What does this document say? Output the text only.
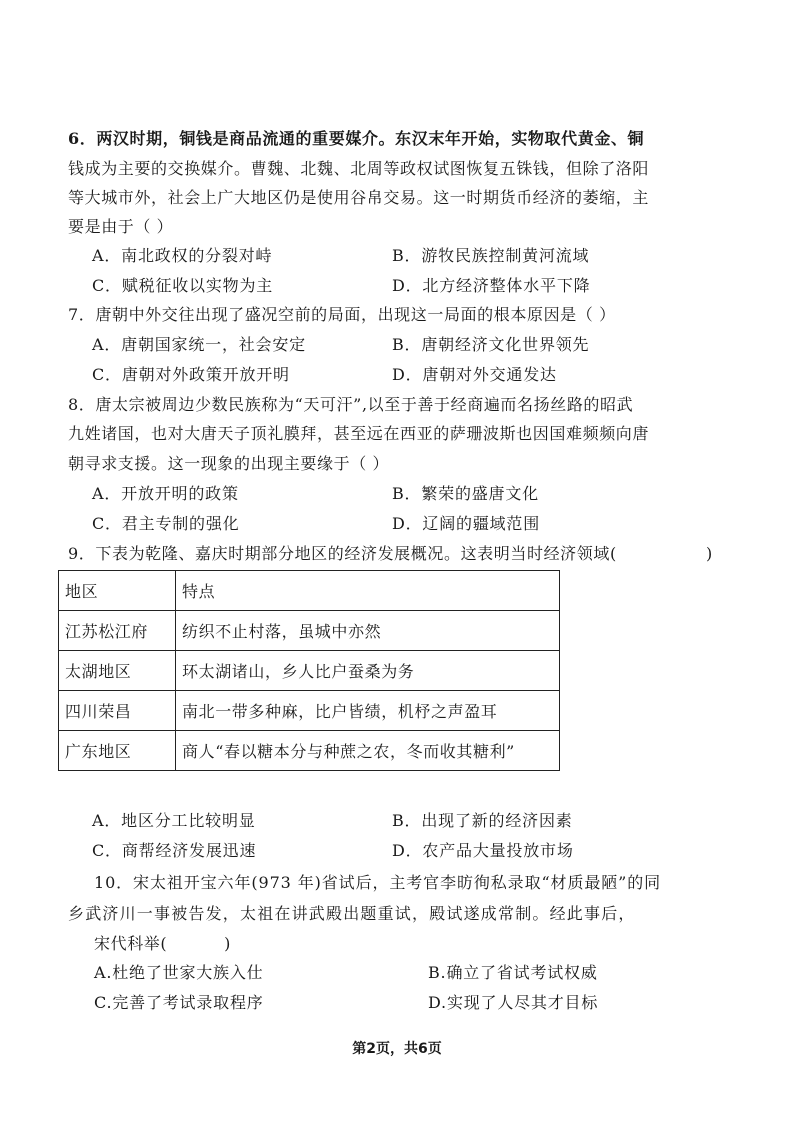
6．两汉时期，铜钱是商品流通的重要媒介。东汉末年开始，实物取代黄金、铜
钱成为主要的交换媒介。曹魏、北魏、北周等政权试图恢复五铢钱，但除了洛阳
等大城市外，社会上广大地区仍是使用谷帛交易。这一时期货币经济的萎缩，主
要是由于（ ）
A．南北政权的分裂对峙	B．游牧民族控制黄河流域
C．赋税征收以实物为主	D．北方经济整体水平下降
7．唐朝中外交往出现了盛况空前的局面，出现这一局面的根本原因是（ ）
A．唐朝国家统一，社会安定	B．唐朝经济文化世界领先
C．唐朝对外政策开放开明	D．唐朝对外交通发达
8．唐太宗被周边少数民族称为“天可汗”,以至于善于经商遍而名扬丝路的昭武
九姓诸国，也对大唐天子顶礼膜拜，甚至远在西亚的萨珊波斯也因国难频频向唐
朝寻求支援。这一现象的出现主要缘于（ ）
A．开放开明的政策	B．繁荣的盛唐文化
C．君主专制的强化	D．辽阔的疆域范围
9．下表为乾隆、嘉庆时期部分地区的经济发展概况。这表明当时经济领域(	)
地区	特点
江苏松江府	纺织不止村落，虽城中亦然
太湖地区	环太湖诸山，乡人比户蚕桑为务
四川荣昌	南北一带多种麻，比户皆绩，机杼之声盈耳
广东地区	商人“春以糖本分与种蔗之农，冬而收其糖利”
A．地区分工比较明显	B．出现了新的经济因素
C．商帮经济发展迅速	D．农产品大量投放市场
10．宋太祖开宝六年(973 年)省试后，主考官李昉徇私录取“材质最陋”的同
乡武济川一事被告发，太祖在讲武殿出题重试，殿试遂成常制。经此事后，
宋代科举(          )
A.杜绝了世家大族入仕	B.确立了省试考试权威
C.完善了考试录取程序	D.实现了人尽其才目标
第2页，共6页
